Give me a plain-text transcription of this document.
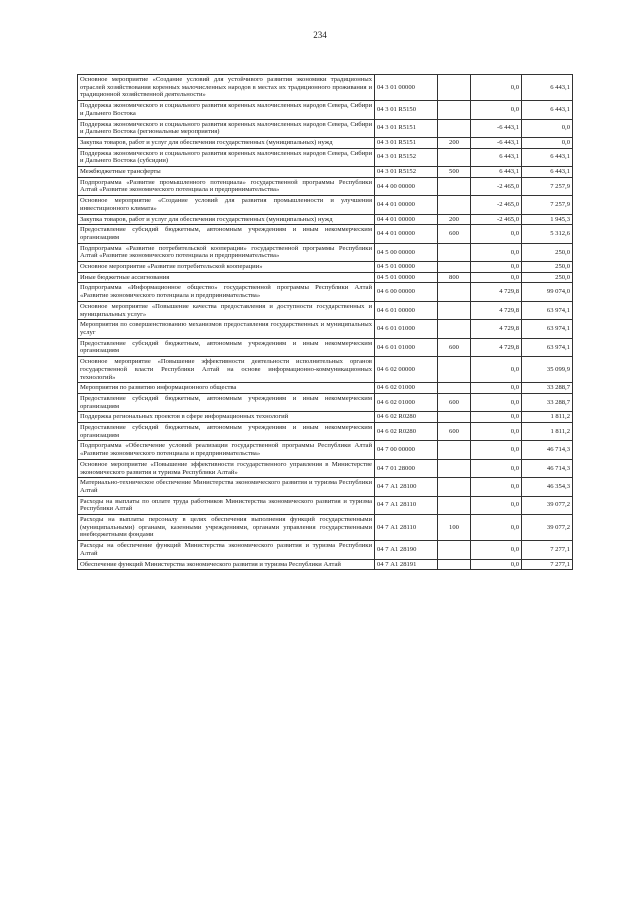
234
Основное мероприятие «Создание условий для устойчивого развития экономики традиционных отраслей хозяйствования коренных малочисленных народов в местах их традиционного проживания и традиционной хозяйственной деятельности»	04 3 01 00000		0,0	6 443,1
Поддержка экономического и социального развития коренных малочисленных народов Севера, Сибири и Дальнего Востока	04 3 01 R5150		0,0	6 443,1
Поддержка экономического и социального развития коренных малочисленных народов Севера, Сибири и Дальнего Востока (региональные мероприятия)	04 3 01 R5151		-6 443,1	0,0
Закупка товаров, работ и услуг для обеспечения государственных (муниципальных) нужд	04 3 01 R5151	200	-6 443,1	0,0
Поддержка экономического и социального развития коренных малочисленных народов Севера, Сибири и Дальнего Востока (субсидии)	04 3 01 R5152		6 443,1	6 443,1
Межбюджетные трансферты	04 3 01 R5152	500	6 443,1	6 443,1
Подпрограмма «Развитие промышленного потенциала» государственной программы Республики Алтай «Развитие экономического потенциала и предпринимательства»	04 4 00 00000		-2 465,0	7 257,9
Основное мероприятие «Создание условий для развития промышленности и улучшения инвестиционного климата»	04 4 01 00000		-2 465,0	7 257,9
Закупка товаров, работ и услуг для обеспечения государственных (муниципальных) нужд	04 4 01 00000	200	-2 465,0	1 945,3
Предоставление субсидий бюджетным, автономным учреждениям и иным некоммерческим организациям	04 4 01 00000	600	0,0	5 312,6
Подпрограмма «Развитие потребительской кооперации» государственной программы Республики Алтай «Развитие экономического потенциала и предпринимательства»	04 5 00 00000		0,0	250,0
Основное мероприятие «Развитие потребительской кооперации»	04 5 01 00000		0,0	250,0
Иные бюджетные ассигнования	04 5 01 00000	800	0,0	250,0
Подпрограмма «Информационное общество» государственной программы Республики Алтай «Развитие экономического потенциала и предпринимательства»	04 6 00 00000		4 729,8	99 074,0
Основное мероприятие «Повышение качества предоставления и доступности государственных и муниципальных услуг»	04 6 01 00000		4 729,8	63 974,1
Мероприятия по совершенствованию механизмов предоставления государственных и муниципальных услуг	04 6 01 01000		4 729,8	63 974,1
Предоставление субсидий бюджетным, автономным учреждениям и иным некоммерческим организациям	04 6 01 01000	600	4 729,8	63 974,1
Основное мероприятие «Повышение эффективности деятельности исполнительных органов государственной власти Республики Алтай на основе информационно-коммуникационных технологий»	04 6 02 00000		0,0	35 099,9
Мероприятия по развитию информационного общества	04 6 02 01000		0,0	33 288,7
Предоставление субсидий бюджетным, автономным учреждениям и иным некоммерческим организациям	04 6 02 01000	600	0,0	33 288,7
Поддержка региональных проектов в сфере информационных технологий	04 6 02 R0280		0,0	1 811,2
Предоставление субсидий бюджетным, автономным учреждениям и иным некоммерческим организациям	04 6 02 R0280	600	0,0	1 811,2
Подпрограмма «Обеспечение условий реализации государственной программы Республики Алтай «Развитие экономического потенциала и предпринимательства»	04 7 00 00000		0,0	46 714,3
Основное мероприятие «Повышение эффективности государственного управления в Министерстве экономического развития и туризма Республики Алтай»	04 7 01 28000		0,0	46 714,3
Материально-техническое обеспечение Министерства экономического развития и туризма Республики Алтай	04 7 А1 28100		0,0	46 354,3
Расходы на выплаты по оплате труда работников Министерства экономического развития и туризма Республики Алтай	04 7 А1 28110		0,0	39 077,2
Расходы на выплаты персоналу в целях обеспечения выполнения функций государственными (муниципальными) органами, казенными учреждениями, органами управления государственными внебюджетными фондами	04 7 А1 28110	100	0,0	39 077,2
Расходы на обеспечение функций Министерства экономического развития и туризма Республики Алтай	04 7 А1 28190		0,0	7 277,1
Обеспечение функций Министерства экономического развития и туризма Республики Алтай	04 7 А1 28191		0,0	7 277,1
